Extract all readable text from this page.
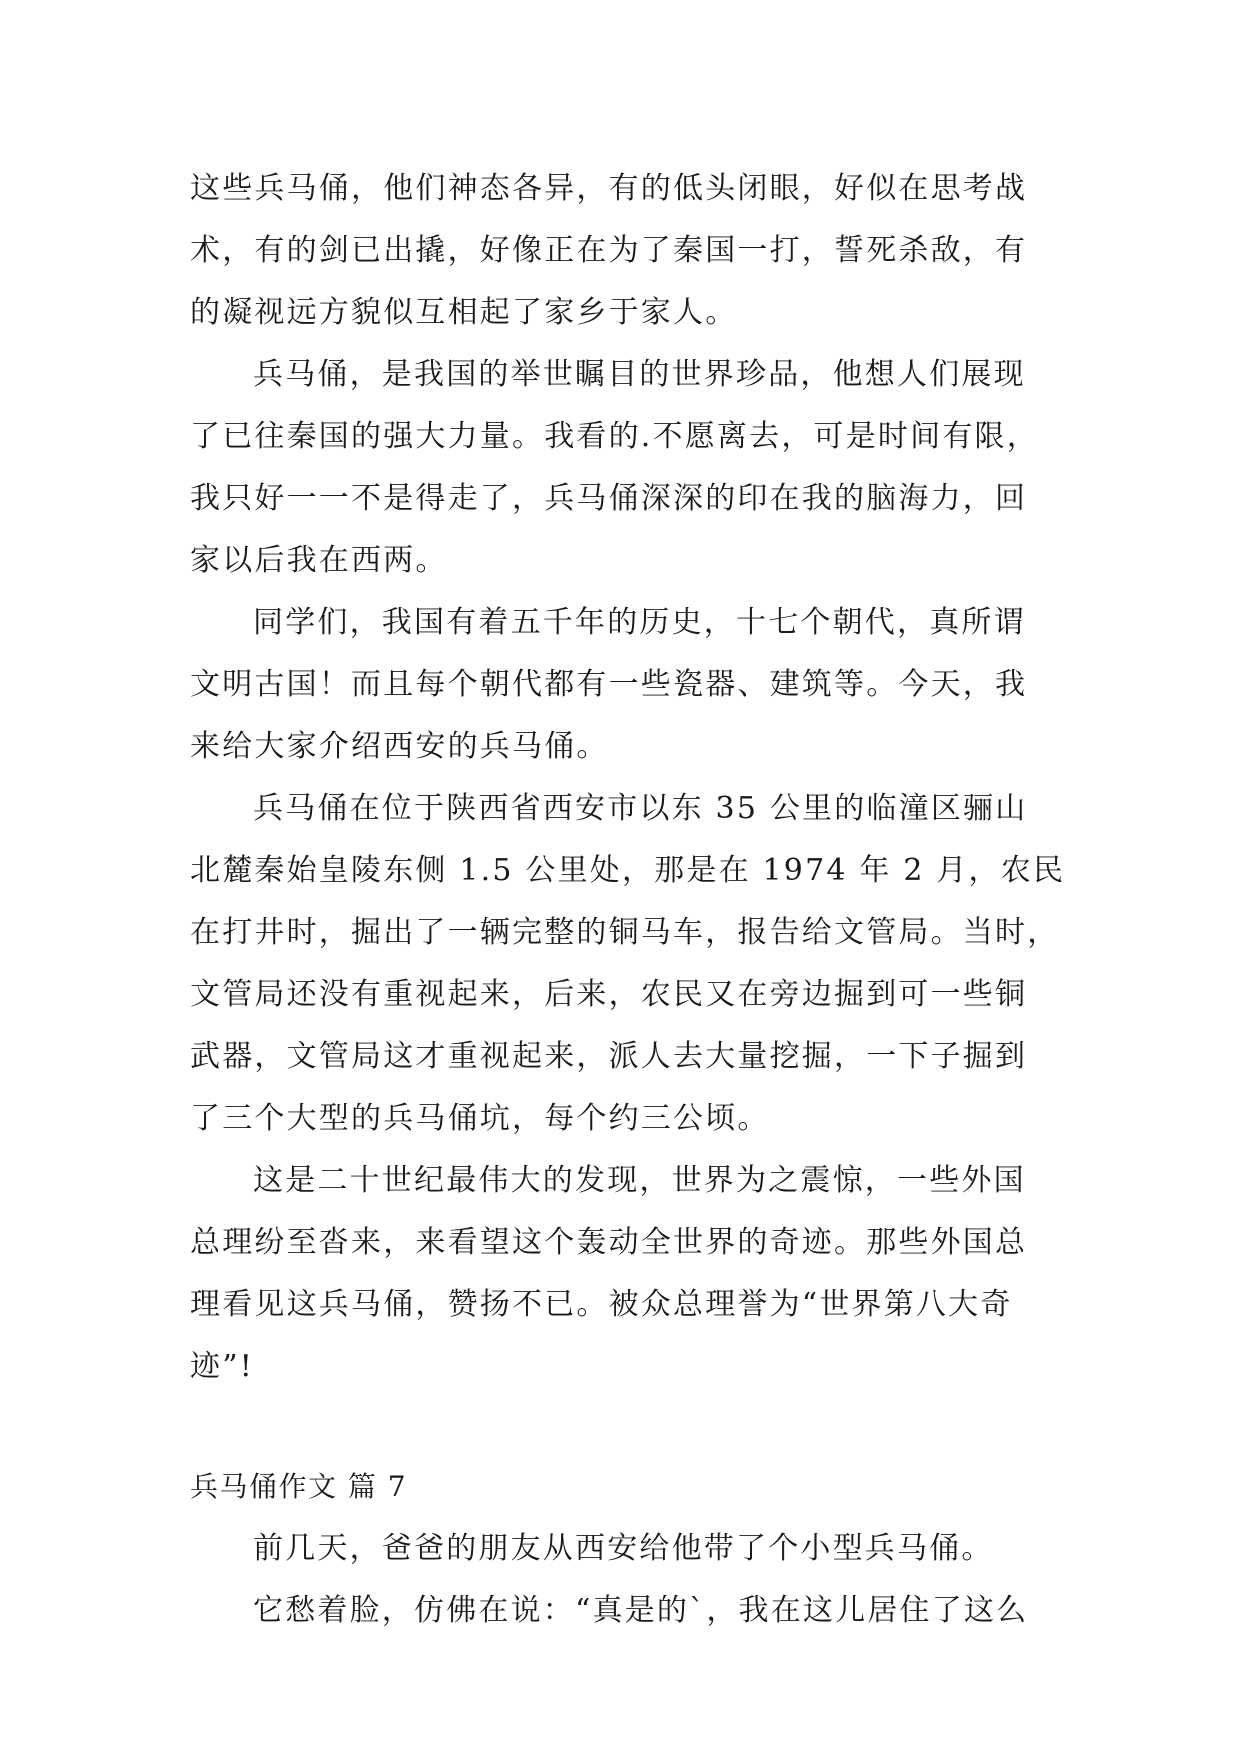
这些兵马俑，他们神态各异，有的低头闭眼，好似在思考战
术，有的剑已出撬，好像正在为了秦国一打，誓死杀敌，有
的凝视远方貌似互相起了家乡于家人。
兵马俑，是我国的举世瞩目的世界珍品，他想人们展现
了已往秦国的强大力量。我看的.不愿离去，可是时间有限，
我只好一一不是得走了，兵马俑深深的印在我的脑海力，回
家以后我在西两。
同学们，我国有着五千年的历史，十七个朝代，真所谓
文明古国！而且每个朝代都有一些瓷器、建筑等。今天，我
来给大家介绍西安的兵马俑。
兵马俑在位于陕西省西安市以东 35 公里的临潼区骊山
北麓秦始皇陵东侧 1.5 公里处，那是在 1974 年 2 月，农民
在打井时，掘出了一辆完整的铜马车，报告给文管局。当时，
文管局还没有重视起来，后来，农民又在旁边掘到可一些铜
武器，文管局这才重视起来，派人去大量挖掘，一下子掘到
了三个大型的兵马俑坑，每个约三公顷。
这是二十世纪最伟大的发现，世界为之震惊，一些外国
总理纷至沓来，来看望这个轰动全世界的奇迹。那些外国总
理看见这兵马俑，赞扬不已。被众总理誉为“世界第八大奇
迹”!
兵马俑作文 篇 7
前几天，爸爸的朋友从西安给他带了个小型兵马俑。
它愁着脸，仿佛在说：“真是的`，我在这儿居住了这么
